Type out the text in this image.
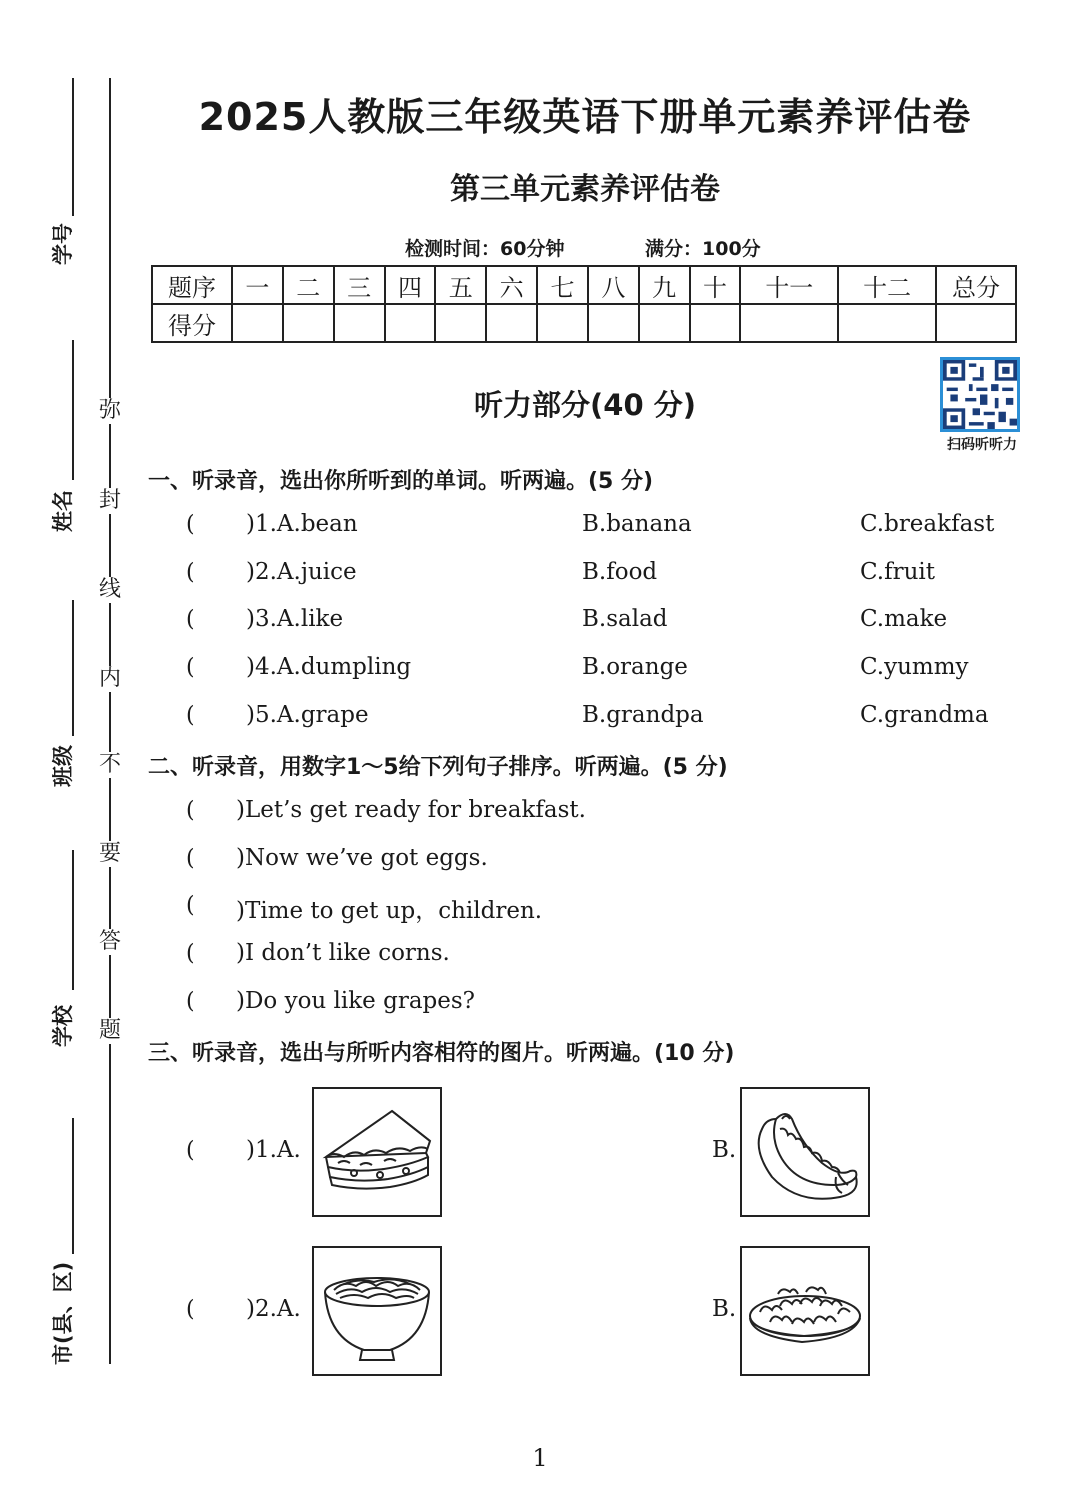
学号
姓名
班级
学校
市(县、区)
弥
封
线
内
不
要
答
题
2025人教版三年级英语下册单元素养评估卷
第三单元素养评估卷
检测时间：60分钟	满分：100分
题序	一	二	三	四	五	六	七	八	九	十	十一	十二	总分
得分													
扫码听听力
听力部分(40 分)
一、听录音，选出你所听到的单词。听两遍。(5 分)
( )1.A.bean	B.banana	C.breakfast
( )2.A.juice	B.food	C.fruit
( )3.A.like	B.salad	C.make
( )4.A.dumpling	B.orange	C.yummy
( )5.A.grape	B.grandpa	C.grandma
二、听录音，用数字1～5给下列句子排序。听两遍。(5 分)
( )Let’s get ready for breakfast.
( )Now we’ve got eggs.
( )Time to get up，children.
( )I don’t like corns.
( )Do you like grapes?
三、听录音，选出与所听内容相符的图片。听两遍。(10 分)
( )1.A.	B.
( )2.A.	B.
1
